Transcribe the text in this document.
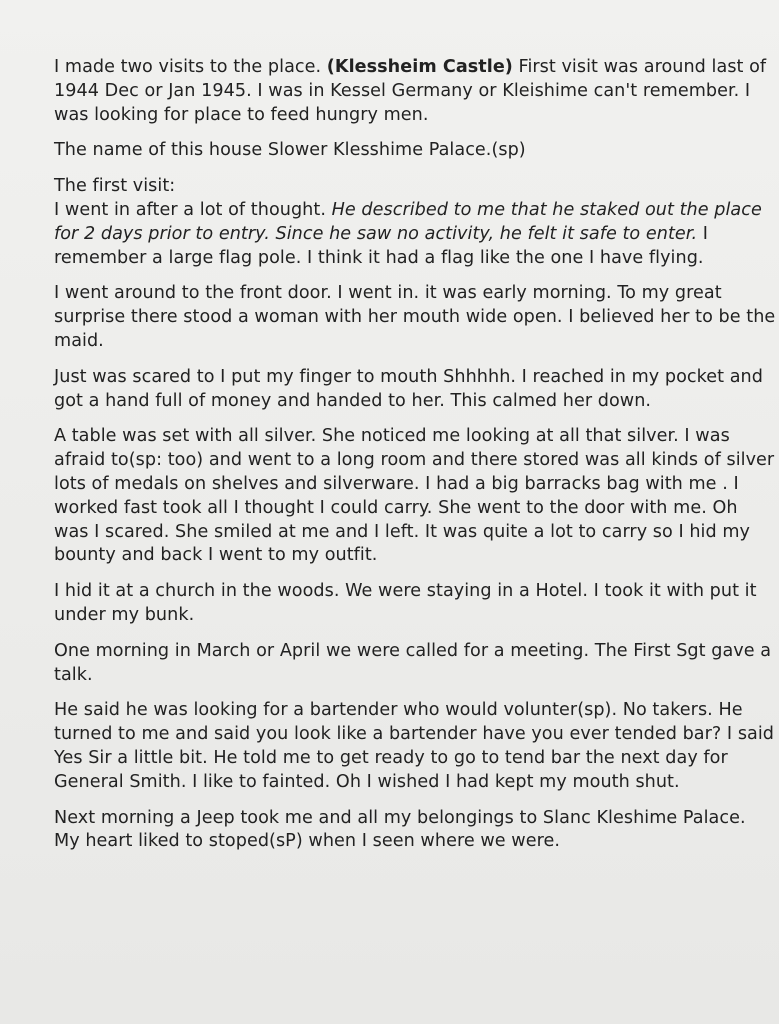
I made two visits to the place. (Klessheim Castle) First visit was around last of 1944 Dec or Jan 1945. I was in Kessel Germany or Kleishime can't remember. I was looking for place to feed hungry men.

The name of this house Slower Klesshime Palace.(sp)

The first visit:

I went in after a lot of thought. He described to me that he staked out the place for 2 days prior to entry. Since he saw no activity, he felt it safe to enter. I remember a large flag pole. I think it had a flag like the one I have flying.

I went around to the front door. I went in. it was early morning. To my great surprise there stood a woman with her mouth wide open. I believed her to be the maid.

Just was scared to I put my finger to mouth Shhhhh. I reached in my pocket and got a hand full of money and handed to her. This calmed her down.

A table was set with all silver. She noticed me looking at all that silver. I was afraid to(sp: too) and went to a long room and there stored was all kinds of silver lots of medals on shelves and silverware. I had a big barracks bag with me . I worked fast took all I thought I could carry. She went to the door with me. Oh was I scared. She smiled at me and I left. It was quite a lot to carry so I hid my bounty and back I went to my outfit.

I hid it at a church in the woods. We were staying in a Hotel. I took it with put it under my bunk.

One morning in March or April we were called for a meeting. The First Sgt gave a talk.

He said he was looking for a bartender who would volunter(sp). No takers. He turned to me and said you look like a bartender have you ever tended bar? I said Yes Sir a little bit. He told me to get ready to go to tend bar the next day for General Smith. I like to fainted. Oh I wished I had kept my mouth shut.

Next morning a Jeep took me and all my belongings to Slanc Kleshime Palace. My heart liked to stoped(sP) when I seen where we were.
